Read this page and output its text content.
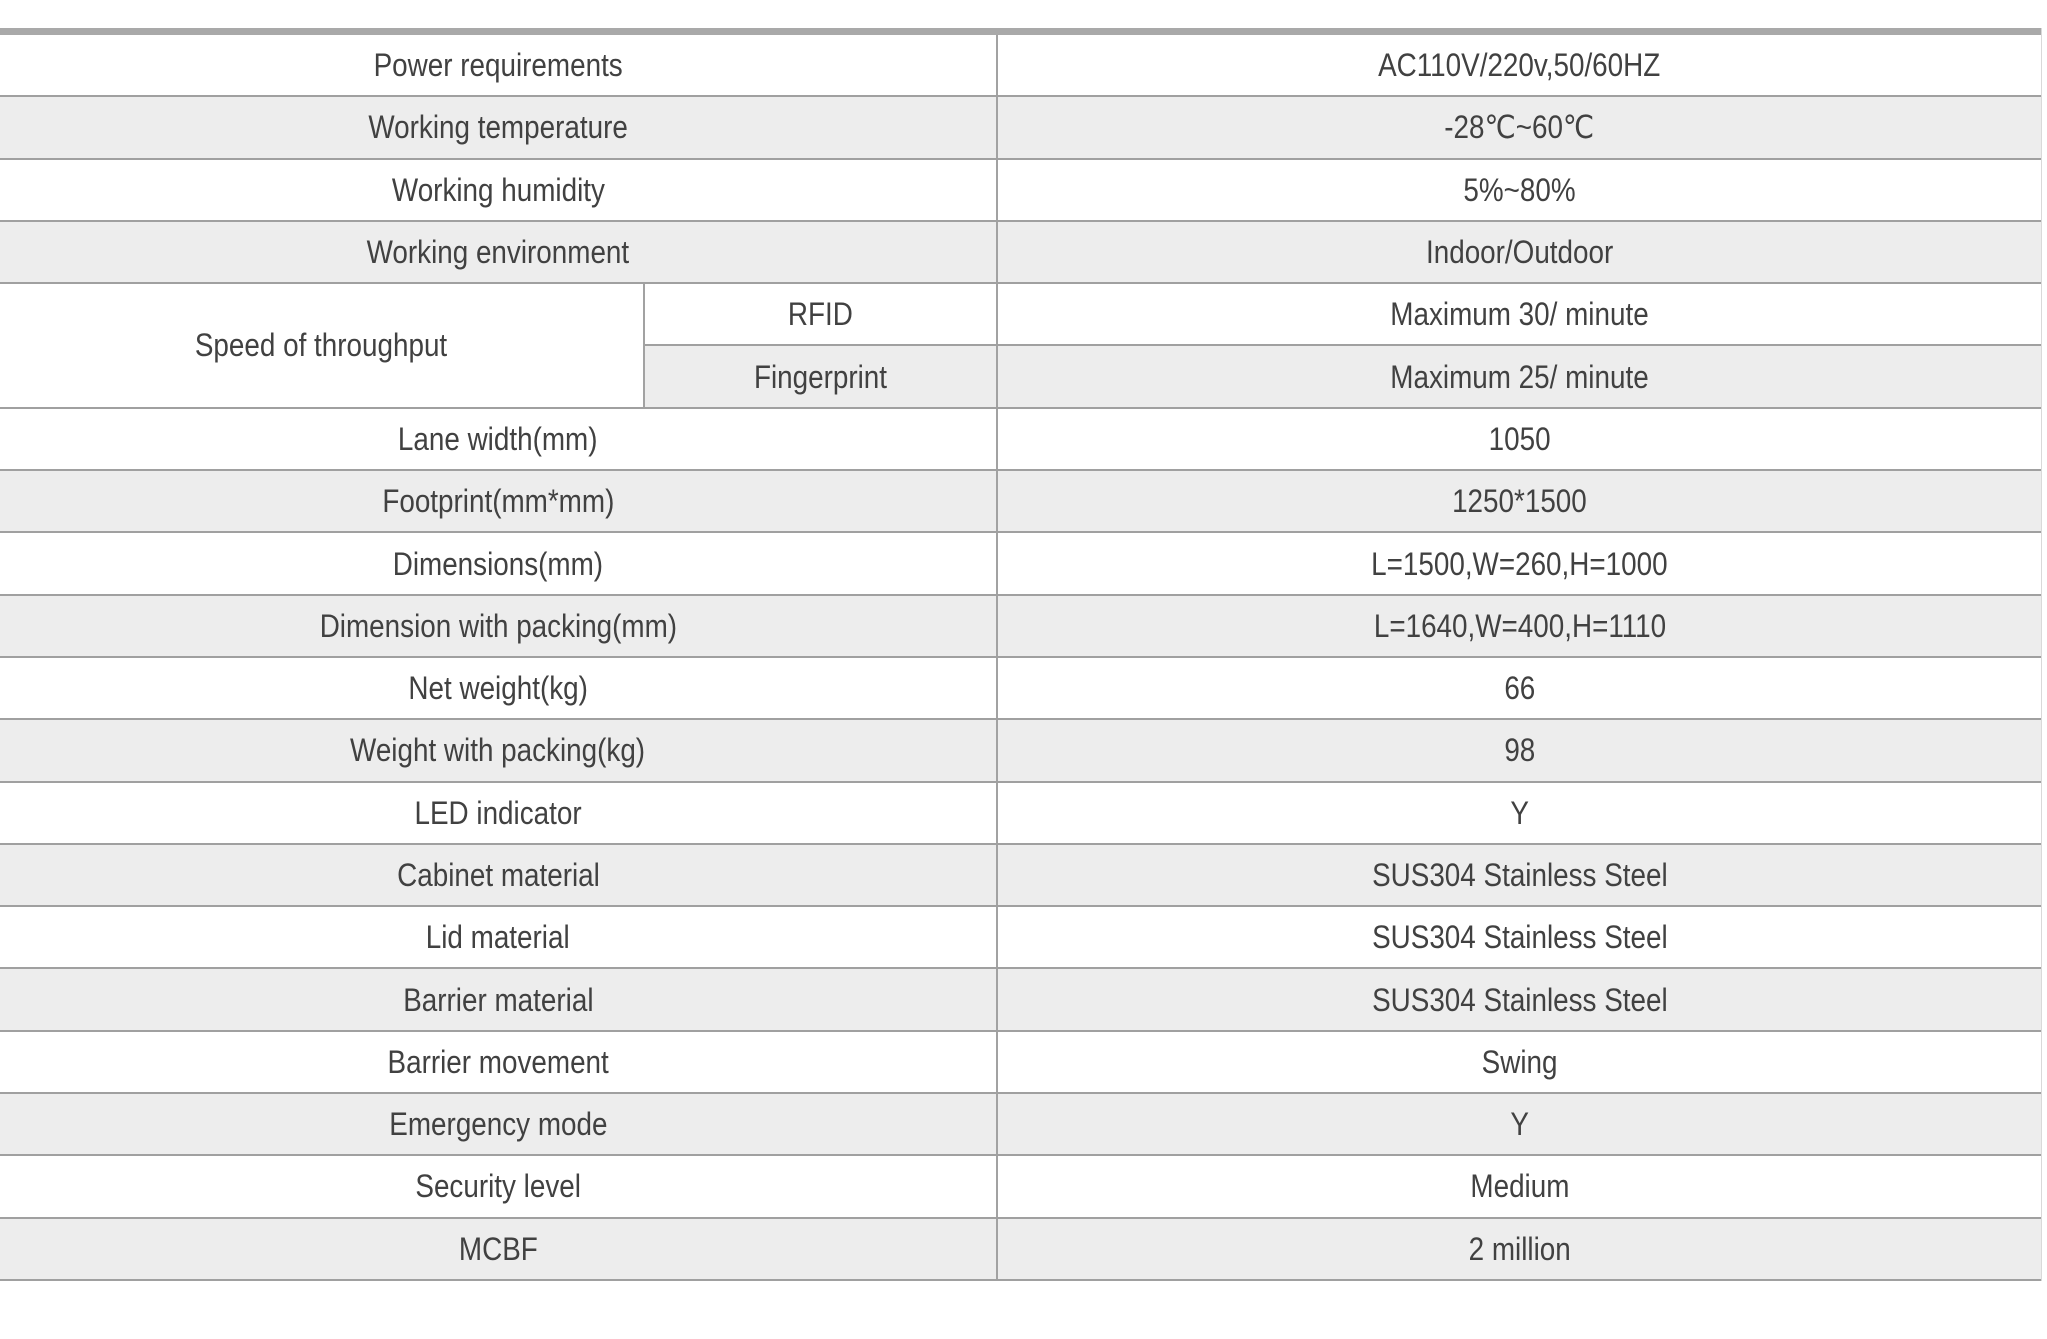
Power requirements	AC110V/220v,50/60HZ
Working temperature	-28℃~60℃
Working humidity	5%~80%
Working environment	Indoor/Outdoor
Speed of throughput
RFID	Maximum 30/ minute
Fingerprint	Maximum 25/ minute
Lane width(mm)	1050
Footprint(mm*mm)	1250*1500
Dimensions(mm)	L=1500,W=260,H=1000
Dimension with packing(mm)	L=1640,W=400,H=1110
Net weight(kg)	66
Weight with packing(kg)	98
LED indicator	Y
Cabinet material	SUS304 Stainless Steel
Lid material	SUS304 Stainless Steel
Barrier material	SUS304 Stainless Steel
Barrier movement	Swing
Emergency mode	Y
Security level	Medium
MCBF	2 million
